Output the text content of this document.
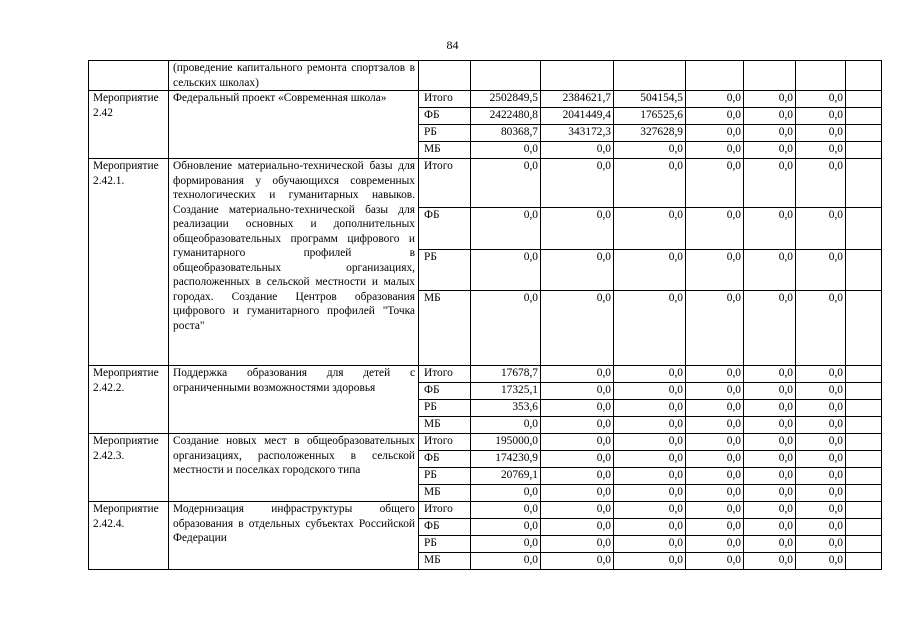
84
	(проведение капитального ремонта спортзалов в сельских школах)								
Мероприятие 2.42	Федеральный проект «Современная школа»	Итого	2502849,5	2384621,7	504154,5	0,0	0,0	0,0	
		ФБ	2422480,8	2041449,4	176525,6	0,0	0,0	0,0	
		РБ	80368,7	343172,3	327628,9	0,0	0,0	0,0	
		МБ	0,0	0,0	0,0	0,0	0,0	0,0	
Мероприятие 2.42.1.	Обновление материально-технической базы для формирования у обучающихся современных технологических и гуманитарных навыков. Создание материально-технической базы для реализации основных и дополнительных общеобразовательных программ цифрового и гуманитарного профилей в общеобразовательных организациях, расположенных в сельской местности и малых городах. Создание Центров образования цифрового и гуманитарного профилей "Точка роста"	Итого	0,0	0,0	0,0	0,0	0,0	0,0	
		ФБ	0,0	0,0	0,0	0,0	0,0	0,0	
		РБ	0,0	0,0	0,0	0,0	0,0	0,0	
		МБ	0,0	0,0	0,0	0,0	0,0	0,0	
Мероприятие 2.42.2.	Поддержка образования для детей с ограниченными возможностями здоровья	Итого	17678,7	0,0	0,0	0,0	0,0	0,0	
		ФБ	17325,1	0,0	0,0	0,0	0,0	0,0	
		РБ	353,6	0,0	0,0	0,0	0,0	0,0	
		МБ	0,0	0,0	0,0	0,0	0,0	0,0	
Мероприятие 2.42.3.	Создание новых мест в общеобразовательных организациях, расположенных в сельской местности и поселках городского типа	Итого	195000,0	0,0	0,0	0,0	0,0	0,0	
		ФБ	174230,9	0,0	0,0	0,0	0,0	0,0	
		РБ	20769,1	0,0	0,0	0,0	0,0	0,0	
		МБ	0,0	0,0	0,0	0,0	0,0	0,0	
Мероприятие 2.42.4.	Модернизация инфраструктуры общего образования в отдельных субъектах Российской Федерации	Итого	0,0	0,0	0,0	0,0	0,0	0,0	
		ФБ	0,0	0,0	0,0	0,0	0,0	0,0	
		РБ	0,0	0,0	0,0	0,0	0,0	0,0	
		МБ	0,0	0,0	0,0	0,0	0,0	0,0	
